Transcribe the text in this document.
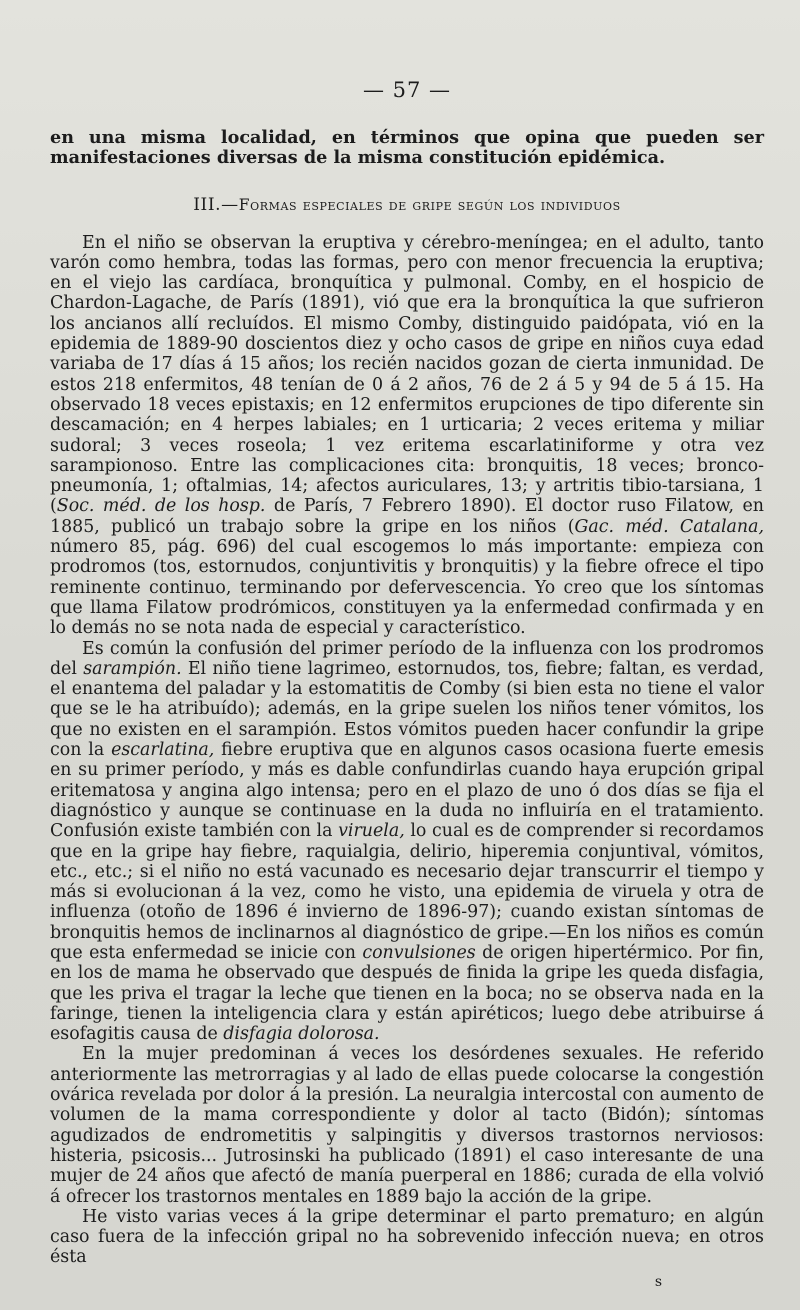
— 57 —

en una misma localidad, en términos que opina que pueden ser manifestaciones diversas de la misma constitución epidémica.

III.—Formas especiales de gripe según los individuos

En el niño se observan la eruptiva y cérebro-meníngea; en el adulto, tanto varón como hembra, todas las formas, pero con menor frecuencia la eruptiva; en el viejo las cardíaca, bronquítica y pulmonal. Comby, en el hospicio de Chardon-Lagache, de París (1891), vió que era la bronquítica la que sufrieron los ancianos allí recluídos. El mismo Comby, distinguido paidópata, vió en la epidemia de 1889-90 doscientos diez y ocho casos de gripe en niños cuya edad variaba de 17 días á 15 años; los recién nacidos gozan de cierta inmunidad. De estos 218 enfermitos, 48 tenían de 0 á 2 años, 76 de 2 á 5 y 94 de 5 á 15. Ha observado 18 veces epistaxis; en 12 enfermitos erupciones de tipo diferente sin descamación; en 4 herpes labiales; en 1 urticaria; 2 veces eritema y miliar sudoral; 3 veces roseola; 1 vez eritema escarlatiniforme y otra vez sarampionoso. Entre las complicaciones cita: bronquitis, 18 veces; bronco-pneumonía, 1; oftalmias, 14; afectos auriculares, 13; y artritis tibio-tarsiana, 1 (Soc. méd. de los hosp. de París, 7 Febrero 1890). El doctor ruso Filatow, en 1885, publicó un trabajo sobre la gripe en los niños (Gac. méd. Catalana, número 85, pág. 696) del cual escogemos lo más importante: empieza con prodromos (tos, estornudos, conjuntivitis y bronquitis) y la fiebre ofrece el tipo reminente continuo, terminando por defervescencia. Yo creo que los síntomas que llama Filatow prodrómicos, constituyen ya la enfermedad confirmada y en lo demás no se nota nada de especial y característico.

Es común la confusión del primer período de la influenza con los prodromos del sarampión. El niño tiene lagrimeo, estornudos, tos, fiebre; faltan, es verdad, el enantema del paladar y la estomatitis de Comby (si bien esta no tiene el valor que se le ha atribuído); además, en la gripe suelen los niños tener vómitos, los que no existen en el sarampión. Estos vómitos pueden hacer confundir la gripe con la escarlatina, fiebre eruptiva que en algunos casos ocasiona fuerte emesis en su primer período, y más es dable confundirlas cuando haya erupción gripal eritematosa y angina algo intensa; pero en el plazo de uno ó dos días se fija el diagnóstico y aunque se continuase en la duda no influiría en el tratamiento. Confusión existe también con la viruela, lo cual es de comprender si recordamos que en la gripe hay fiebre, raquialgia, delirio, hiperemia conjuntival, vómitos, etc., etc.; si el niño no está vacunado es necesario dejar transcurrir el tiempo y más si evolucionan á la vez, como he visto, una epidemia de viruela y otra de influenza (otoño de 1896 é invierno de 1896-97); cuando existan síntomas de bronquitis hemos de inclinarnos al diagnóstico de gripe.—En los niños es común que esta enfermedad se inicie con convulsiones de origen hipertérmico. Por fin, en los de mama he observado que después de finida la gripe les queda disfagia, que les priva el tragar la leche que tienen en la boca; no se observa nada en la faringe, tienen la inteligencia clara y están apiréticos; luego debe atribuirse á esofagitis causa de disfagia dolorosa.

En la mujer predominan á veces los desórdenes sexuales. He referido anteriormente las metrorragias y al lado de ellas puede colocarse la congestión ovárica revelada por dolor á la presión. La neuralgia intercostal con aumento de volumen de la mama correspondiente y dolor al tacto (Bidón); síntomas agudizados de endrometitis y salpingitis y diversos trastornos nerviosos: histeria, psicosis... Jutrosinski ha publicado (1891) el caso interesante de una mujer de 24 años que afectó de manía puerperal en 1886; curada de ella volvió á ofrecer los trastornos mentales en 1889 bajo la acción de la gripe.

He visto varias veces á la gripe determinar el parto prematuro; en algún caso fuera de la infección gripal no ha sobrevenido infección nueva; en otros ésta

s
